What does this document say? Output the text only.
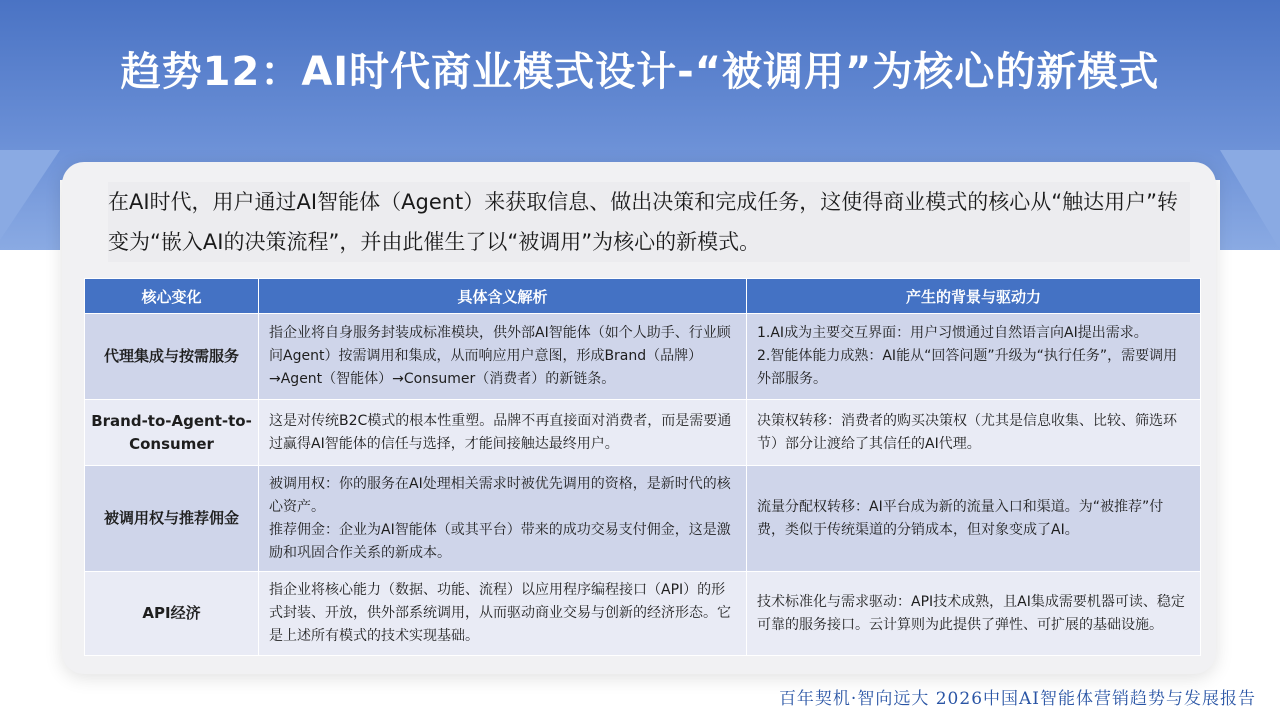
趋势12：AI时代商业模式设计-“被调用”为核心的新模式
在AI时代，用户通过AI智能体（Agent）来获取信息、做出决策和完成任务，这使得商业模式的核心从“触达用户”转变为“嵌入AI的决策流程”，并由此催生了以“被调用”为核心的新模式。
核心变化	具体含义解析	产生的背景与驱动力
代理集成与按需服务	指企业将自身服务封装成标准模块，供外部AI智能体（如个人助手、行业顾问Agent）按需调用和集成，从而响应用户意图，形成Brand（品牌）→Agent（智能体）→Consumer（消费者）的新链条。	1.AI成为主要交互界面：用户习惯通过自然语言向AI提出需求。
2.智能体能力成熟：AI能从“回答问题”升级为“执行任务”，需要调用外部服务。
Brand-to-Agent-to-Consumer	这是对传统B2C模式的根本性重塑。品牌不再直接面对消费者，而是需要通过赢得AI智能体的信任与选择，才能间接触达最终用户。	决策权转移：消费者的购买决策权（尤其是信息收集、比较、筛选环节）部分让渡给了其信任的AI代理。
被调用权与推荐佣金	被调用权：你的服务在AI处理相关需求时被优先调用的资格，是新时代的核心资产。
推荐佣金：企业为AI智能体（或其平台）带来的成功交易支付佣金，这是激励和巩固合作关系的新成本。	流量分配权转移：AI平台成为新的流量入口和渠道。为“被推荐”付费，类似于传统渠道的分销成本，但对象变成了AI。
API经济	指企业将核心能力（数据、功能、流程）以应用程序编程接口（API）的形式封装、开放，供外部系统调用，从而驱动商业交易与创新的经济形态。它是上述所有模式的技术实现基础。	技术标准化与需求驱动：API技术成熟，且AI集成需要机器可读、稳定可靠的服务接口。云计算则为此提供了弹性、可扩展的基础设施。
百年契机·智向远大 2026中国AI智能体营销趋势与发展报告
